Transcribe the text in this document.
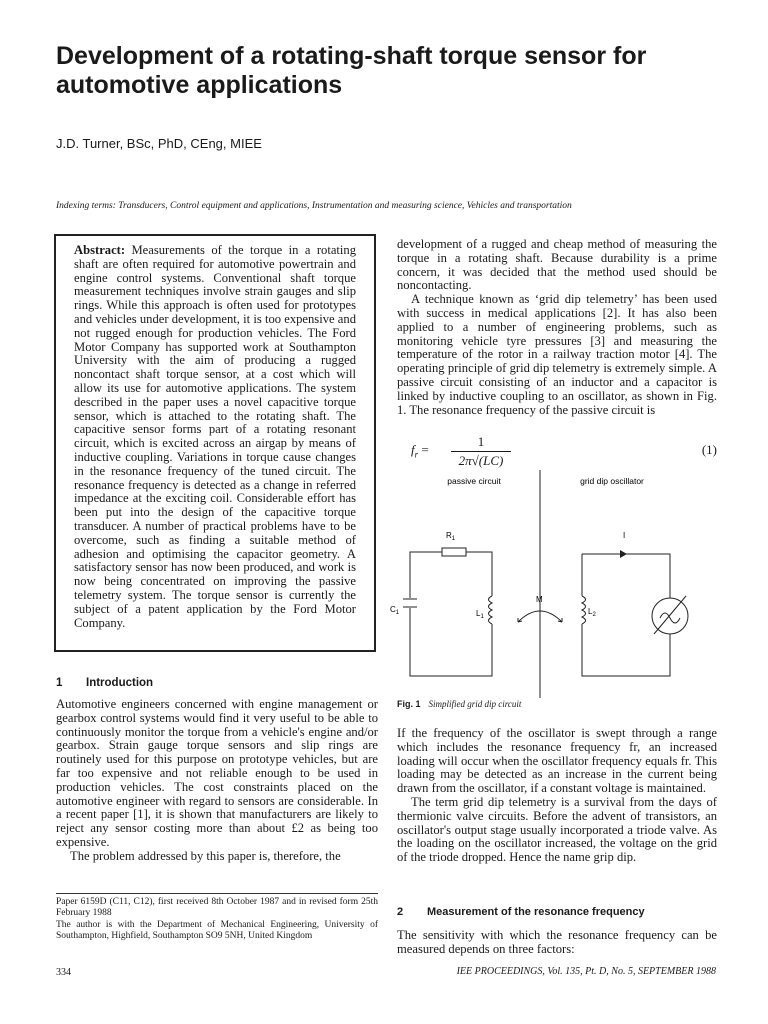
Development of a rotating-shaft torque sensor for automotive applications
J.D. Turner, BSc, PhD, CEng, MIEE
Indexing terms: Transducers, Control equipment and applications, Instrumentation and measuring science, Vehicles and transportation

Abstract: Measurements of the torque in a rotating shaft are often required for automotive powertrain and engine control systems. Conventional shaft torque measurement techniques involve strain gauges and slip rings. While this approach is often used for prototypes and vehicles under development, it is too expensive and not rugged enough for production vehicles. The Ford Motor Company has supported work at Southampton University with the aim of producing a rugged noncontact shaft torque sensor, at a cost which will allow its use for automotive applications. The system described in the paper uses a novel capacitive torque sensor, which is attached to the rotating shaft. The capacitive sensor forms part of a rotating resonant circuit, which is excited across an airgap by means of inductive coupling. Variations in torque cause changes in the resonance frequency of the tuned circuit. The resonance frequency is detected as a change in referred impedance at the exciting coil. Considerable effort has been put into the design of the capacitive torque transducer. A number of practical problems have to be overcome, such as finding a suitable method of adhesion and optimising the capacitor geometry. A satisfactory sensor has now been produced, and work is now being concentrated on improving the passive telemetry system. The torque sensor is currently the subject of a patent application by the Ford Motor Company.

1 Introduction

Automotive engineers concerned with engine management or gearbox control systems would find it very useful to be able to continuously monitor the torque from a vehicle's engine and/or gearbox. Strain gauge torque sensors and slip rings are routinely used for this purpose on prototype vehicles, but are far too expensive and not reliable enough to be used in production vehicles. The cost constraints placed on the automotive engineer with regard to sensors are considerable. In a recent paper [1], it is shown that manufacturers are likely to reject any sensor costing more than about £2 as being too expensive.

The problem addressed by this paper is, therefore, the

Paper 6159D (C11, C12), first received 8th October 1987 and in revised form 25th February 1988

The author is with the Department of Mechanical Engineering, University of Southampton, Highfield, Southampton SO9 5NH, United Kingdom

334	IEE PROCEEDINGS, Vol. 135, Pt. D, No. 5, SEPTEMBER 1988

development of a rugged and cheap method of measuring the torque in a rotating shaft. Because durability is a prime concern, it was decided that the method used should be noncontacting.

A technique known as ‘grid dip telemetry’ has been used with success in medical applications [2]. It has also been applied to a number of engineering problems, such as monitoring vehicle tyre pressures [3] and measuring the temperature of the rotor in a railway traction motor [4]. The operating principle of grid dip telemetry is extremely simple. A passive circuit consisting of an inductor and a capacitor is linked by inductive coupling to an oscillator, as shown in Fig. 1. The resonance frequency of the passive circuit is

$f_r = \frac{1}{2\pi√(LC)}$	(1)
passive circuit	grid dip oscillator
$R_1$
$C_1$	$L_1$
M
I
$L_2$
Fig. 1 Simplified grid dip circuit

If the frequency of the oscillator is swept through a range which includes the resonance frequency fr, an increased loading will occur when the oscillator frequency equals fr. This loading may be detected as an increase in the current being drawn from the oscillator, if a constant voltage is maintained.

The term grid dip telemetry is a survival from the days of thermionic valve circuits. Before the advent of transistors, an oscillator's output stage usually incorporated a triode valve. As the loading on the oscillator increased, the voltage on the grid of the triode dropped. Hence the name grip dip.

2 Measurement of the resonance frequency

The sensitivity with which the resonance frequency can be measured depends on three factors:
